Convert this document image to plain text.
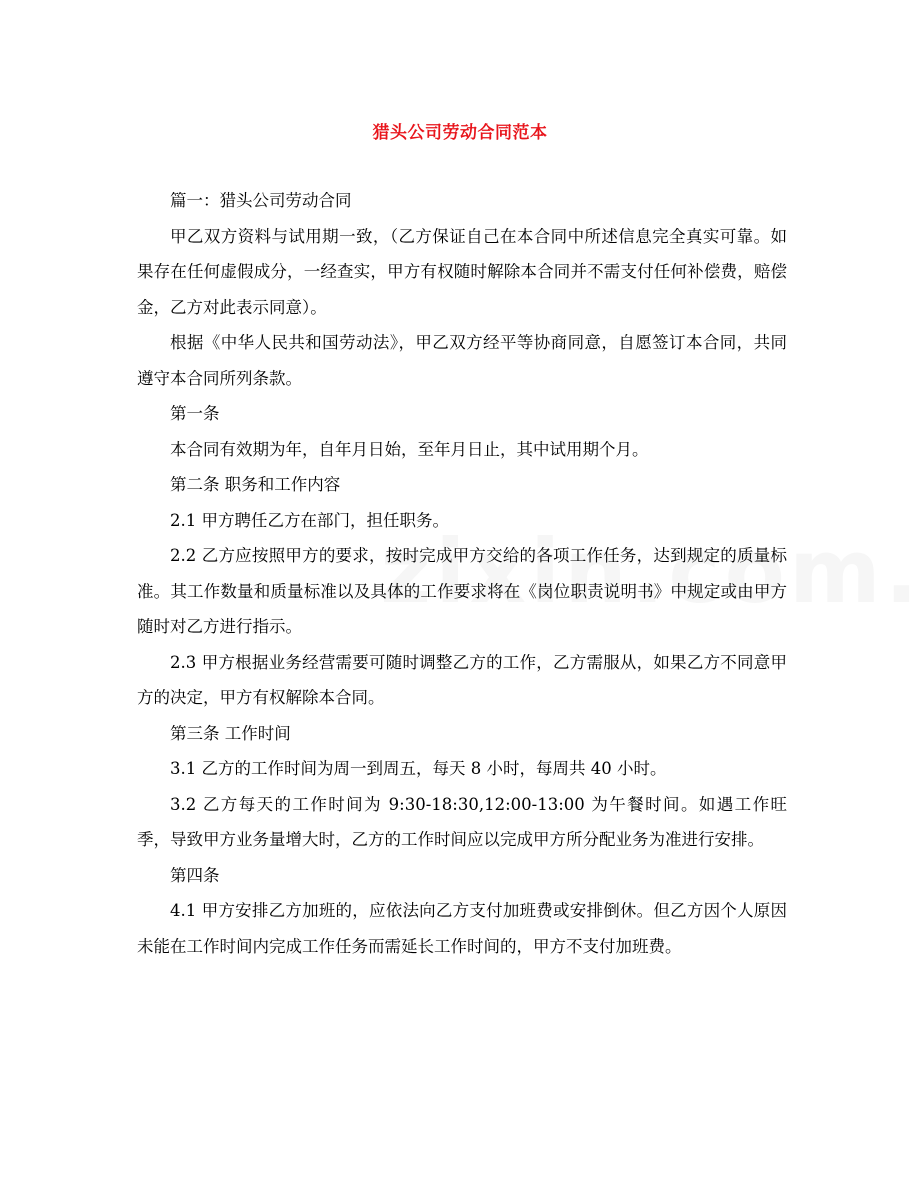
猎头公司劳动合同范本

篇一：猎头公司劳动合同

甲乙双方资料与试用期一致，（乙方保证自己在本合同中所述信息完全真实可靠。如果存在任何虚假成分，一经查实，甲方有权随时解除本合同并不需支付任何补偿费，赔偿金，乙方对此表示同意）。

根据《中华人民共和国劳动法》，甲乙双方经平等协商同意，自愿签订本合同，共同遵守本合同所列条款。

第一条

本合同有效期为年，自年月日始，至年月日止，其中试用期个月。

第二条 职务和工作内容

2.1 甲方聘任乙方在部门，担任职务。

2.2 乙方应按照甲方的要求，按时完成甲方交给的各项工作任务，达到规定的质量标准。其工作数量和质量标准以及具体的工作要求将在《岗位职责说明书》中规定或由甲方随时对乙方进行指示。

2.3 甲方根据业务经营需要可随时调整乙方的工作，乙方需服从，如果乙方不同意甲方的决定，甲方有权解除本合同。

第三条 工作时间

3.1 乙方的工作时间为周一到周五，每天 8 小时，每周共 40 小时。

3.2 乙方每天的工作时间为 9:30-18:30,12:00-13:00 为午餐时间。如遇工作旺季，导致甲方业务量增大时，乙方的工作时间应以完成甲方所分配业务为准进行安排。

第四条

4.1 甲方安排乙方加班的，应依法向乙方支付加班费或安排倒休。但乙方因个人原因未能在工作时间内完成工作任务而需延长工作时间的，甲方不支付加班费。
